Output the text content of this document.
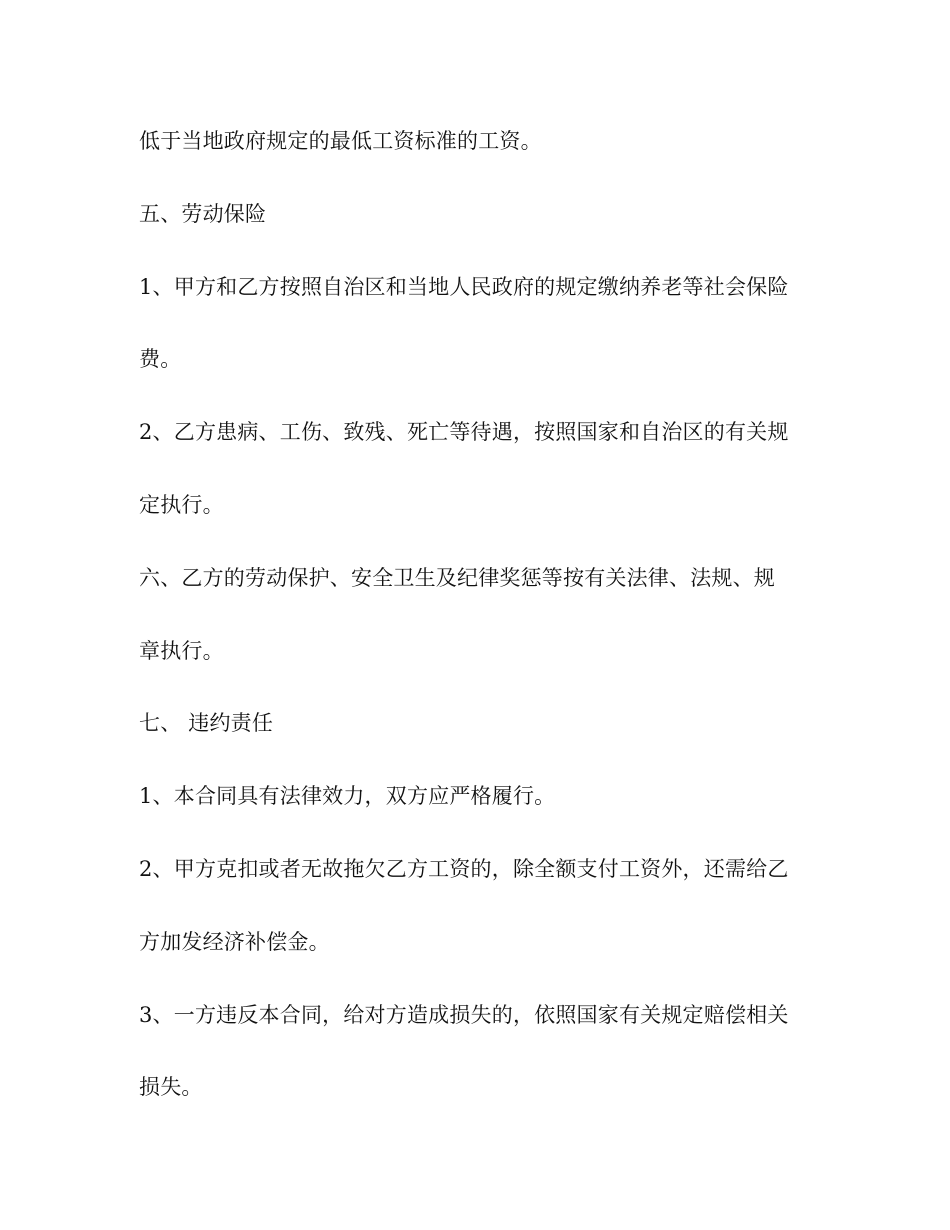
低于当地政府规定的最低工资标准的工资。
五、劳动保险
1、甲方和乙方按照自治区和当地人民政府的规定缴纳养老等社会保险
费。
2、乙方患病、工伤、致残、死亡等待遇，按照国家和自治区的有关规
定执行。
六、乙方的劳动保护、安全卫生及纪律奖惩等按有关法律、法规、规
章执行。
七、 违约责任
1、本合同具有法律效力，双方应严格履行。
2、甲方克扣或者无故拖欠乙方工资的，除全额支付工资外，还需给乙
方加发经济补偿金。
3、一方违反本合同，给对方造成损失的，依照国家有关规定赔偿相关
损失。
